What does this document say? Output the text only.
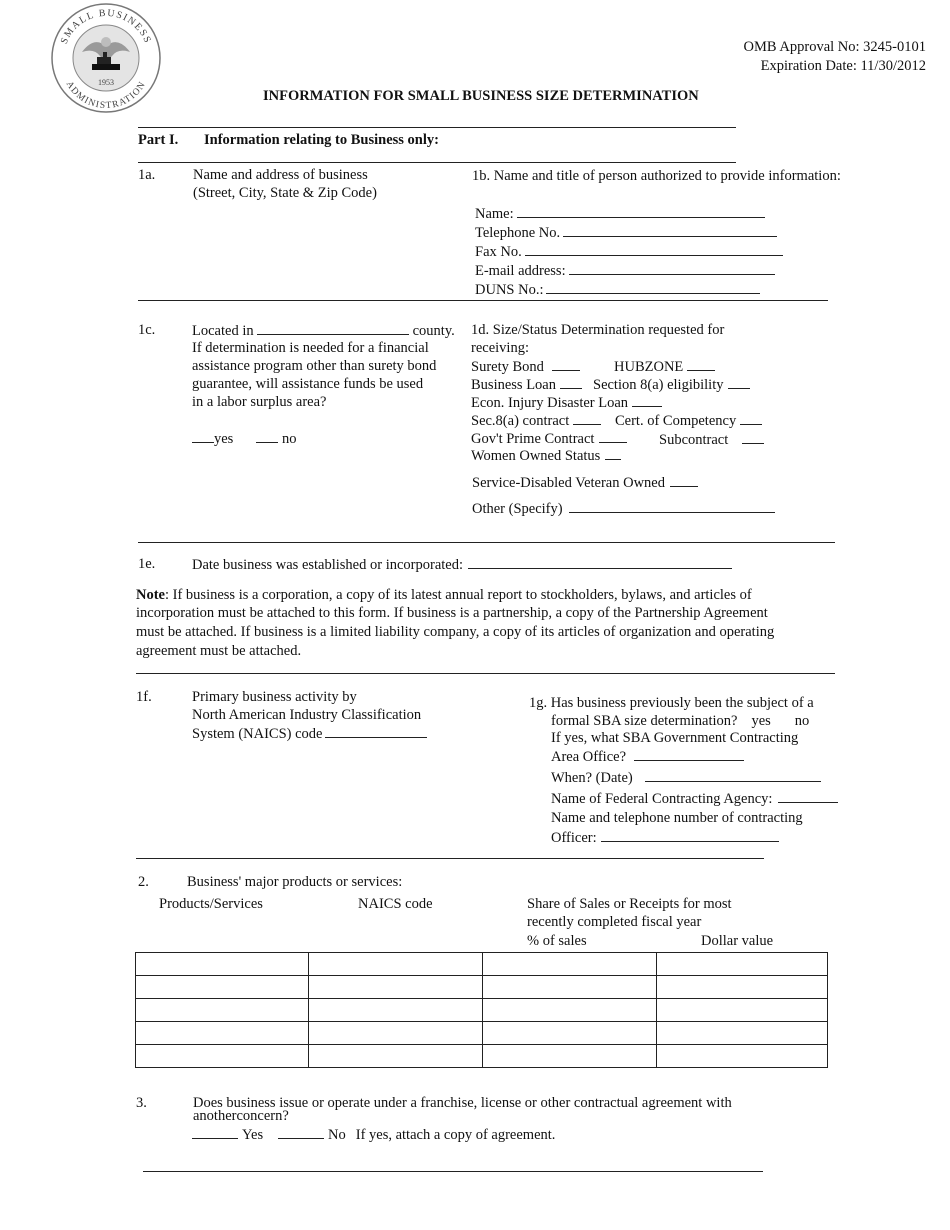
SMALL BUSINESS
ADMINISTRATION
1953
OMB Approval No: 3245-0101
Expiration Date: 11/30/2012
INFORMATION FOR SMALL BUSINESS SIZE DETERMINATION
Part I. Information relating to Business only:
1a.	Name and address of business
(Street, City, State & Zip Code)
1b. Name and title of person authorized to provide information:
Name:
Telephone No.
Fax No.
E-mail address:
DUNS No.:
1c.	Located in	county.
If determination is needed for a financial
assistance program other than surety bond
guarantee, will assistance funds be used
in a labor surplus area?
yes	no
1d. Size/Status Determination requested for
receiving:
Surety Bond	HUBZONE
Business Loan	Section 8(a) eligibility
Econ. Injury Disaster Loan
Sec.8(a) contract	Cert. of Competency
Gov't Prime Contract	Subcontract
Women Owned Status
Service-Disabled Veteran Owned
Other (Specify)
1e.	Date business was established or incorporated:
Note: If business is a corporation, a copy of its latest annual report to stockholders, bylaws, and articles of
incorporation must be attached to this form. If business is a partnership, a copy of the Partnership Agreement
must be attached. If business is a limited liability company, a copy of its articles of organization and operating
agreement must be attached.
1f.	Primary business activity by
North American Industry Classification
System (NAICS) code
1g. Has business previously been the subject of a
formal SBA size determination? yes no
If yes, what SBA Government Contracting
Area Office?
When? (Date)
Name of Federal Contracting Agency:
Name and telephone number of contracting
Officer:
2.	Business' major products or services:
Products/Services	NAICS code	Share of Sales or Receipts for most
recently completed fiscal year
% of sales	Dollar value

3.	Does business issue or operate under a franchise, license or other contractual agreement with
anotherconcern?
Yes	No If yes, attach a copy of agreement.
